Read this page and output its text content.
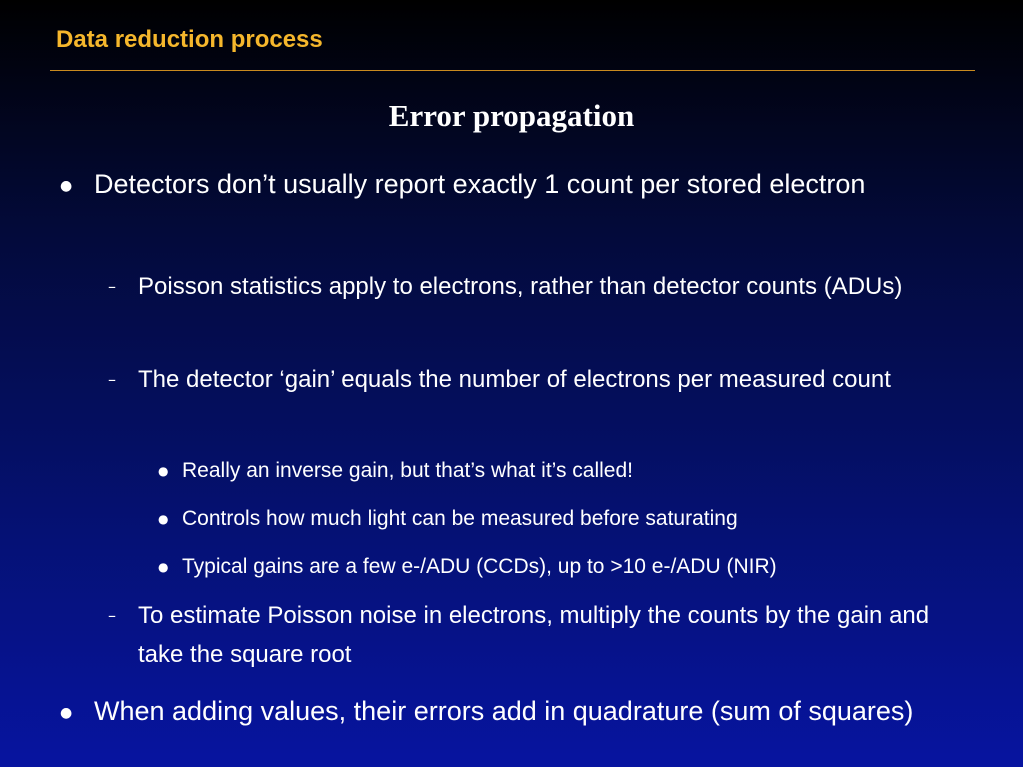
Data reduction process
Error propagation
● Detectors don’t usually report exactly 1 count per stored electron
– Poisson statistics apply to electrons, rather than detector counts (ADUs)
– The detector ‘gain’ equals the number of electrons per measured count
● Really an inverse gain, but that’s what it’s called!
● Controls how much light can be measured before saturating
● Typical gains are a few e-/ADU (CCDs), up to >10 e-/ADU (NIR)
– To estimate Poisson noise in electrons, multiply the counts by the gain and take the square root
● When adding values, their errors add in quadrature (sum of squares)
